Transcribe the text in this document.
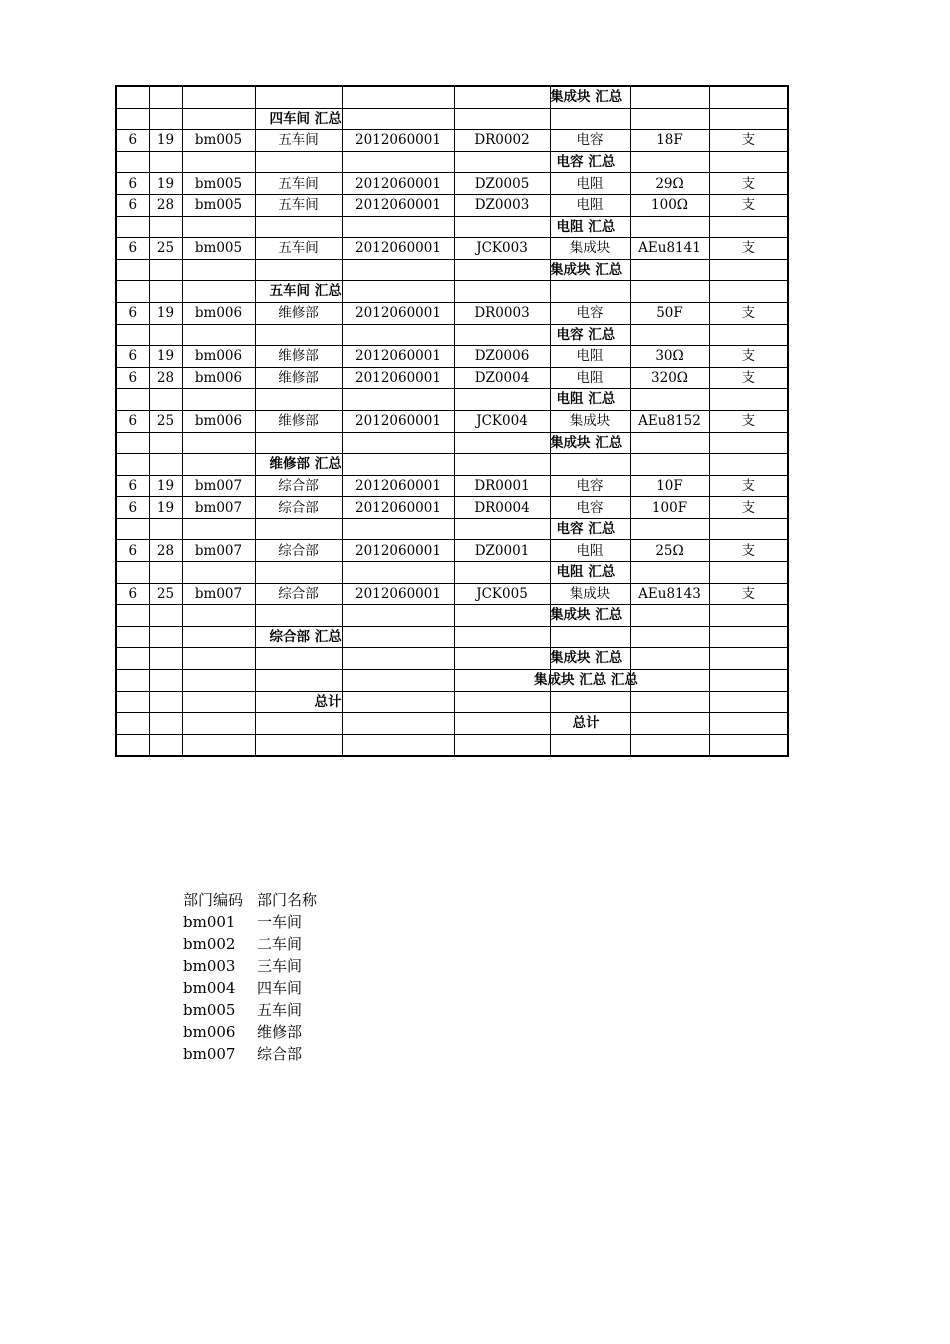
						集成块 汇总		

			四车间 汇总					

6	19	bm005	五车间	2012060001	DR0002	电容	18F	支

						电容 汇总		

6	19	bm005	五车间	2012060001	DZ0005	电阻	29Ω	支
6	28	bm005	五车间	2012060001	DZ0003	电阻	100Ω	支

						电阻 汇总		

6	25	bm005	五车间	2012060001	JCK003	集成块	AEu8141	支

						集成块 汇总		

			五车间 汇总					

6	19	bm006	维修部	2012060001	DR0003	电容	50F	支

						电容 汇总		

6	19	bm006	维修部	2012060001	DZ0006	电阻	30Ω	支
6	28	bm006	维修部	2012060001	DZ0004	电阻	320Ω	支

						电阻 汇总		

6	25	bm006	维修部	2012060001	JCK004	集成块	AEu8152	支

						集成块 汇总		

			维修部 汇总					

6	19	bm007	综合部	2012060001	DR0001	电容	10F	支
6	19	bm007	综合部	2012060001	DR0004	电容	100F	支

						电容 汇总		

6	28	bm007	综合部	2012060001	DZ0001	电阻	25Ω	支

						电阻 汇总		

6	25	bm007	综合部	2012060001	JCK005	集成块	AEu8143	支

						集成块 汇总		

			综合部 汇总					

						集成块 汇总		

						集成块 汇总 汇总		

			总计					

						总计		

部门编码 部门名称
bm001	一车间
bm002	二车间
bm003	三车间
bm004	四车间
bm005	五车间
bm006	维修部
bm007	综合部
